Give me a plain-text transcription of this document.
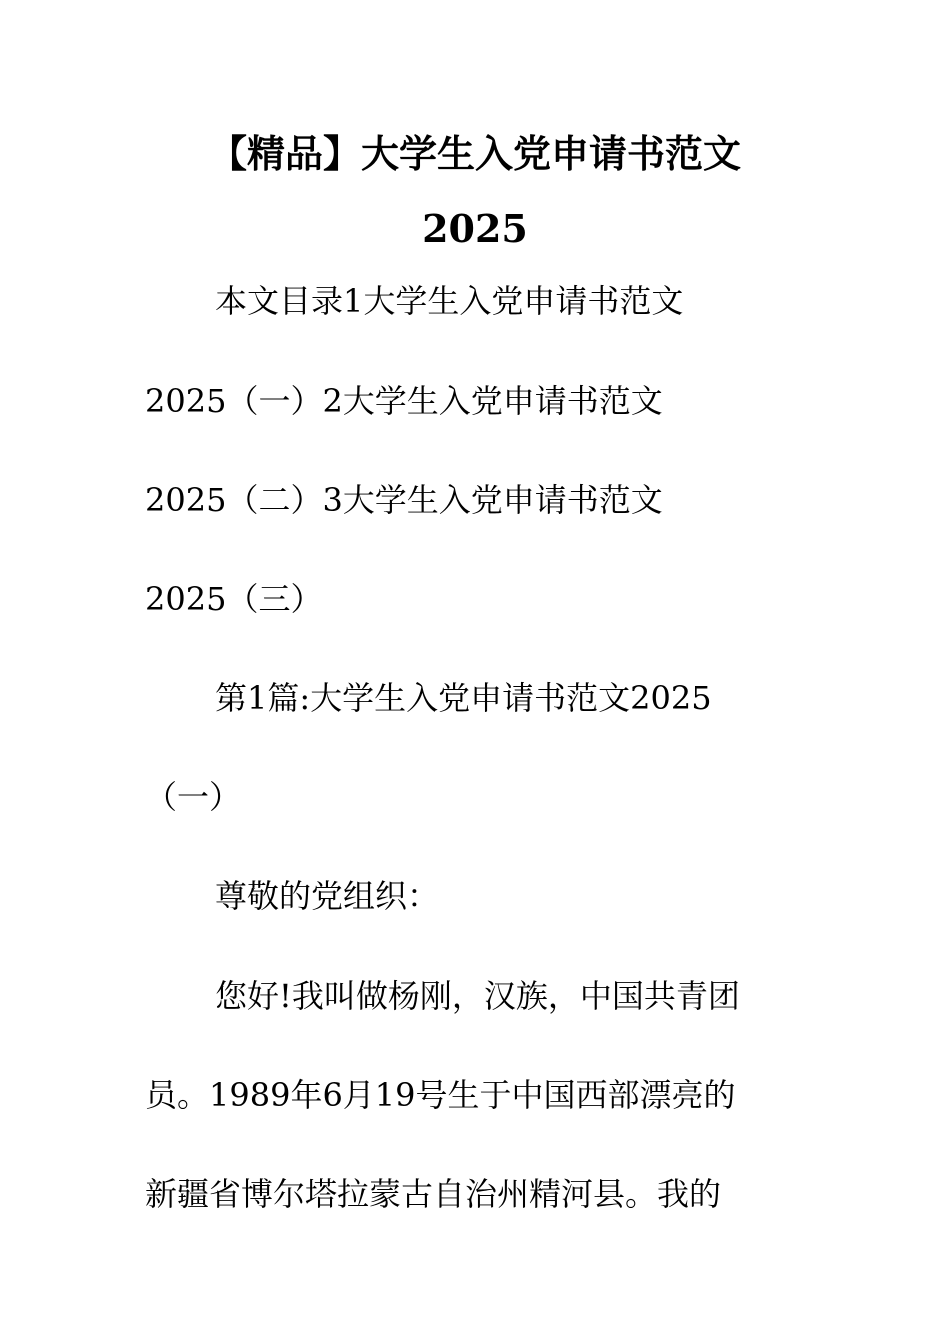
【精品】大学生入党申请书范文
2025
本文目录1大学生入党申请书范文
2025（一）2大学生入党申请书范文
2025（二）3大学生入党申请书范文
2025（三）
第1篇:大学生入党申请书范文2025
（一）
尊敬的党组织：
您好!我叫做杨刚，汉族，中国共青团
员。1989年6月19号生于中国西部漂亮的
新疆省博尔塔拉蒙古自治州精河县。我的
